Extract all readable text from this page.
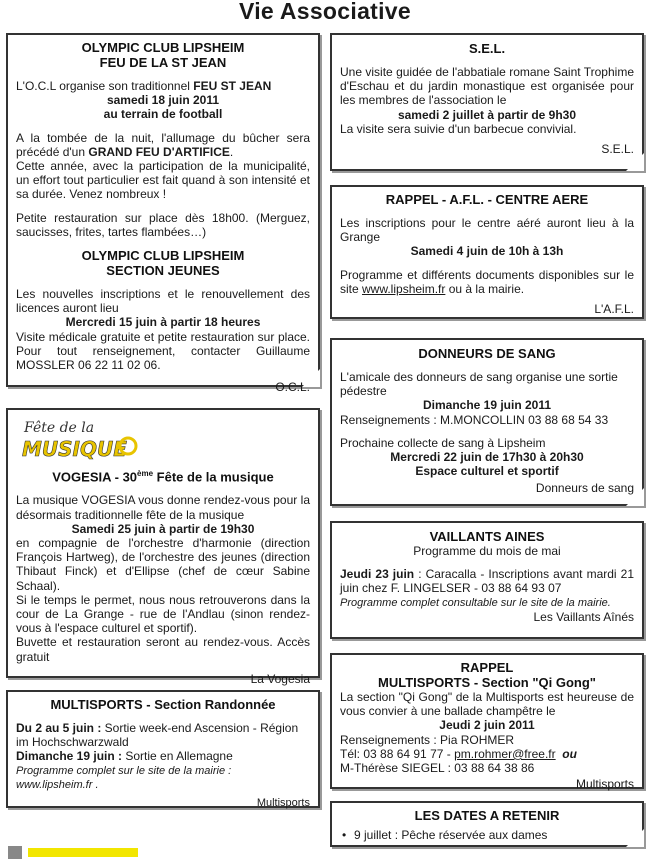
Vie Associative

OLYMPIC CLUB LIPSHEIM

FEU DE LA ST JEAN

L'O.C.L organise son traditionnel FEU ST JEAN

samedi 18 juin 2011

au terrain de football

A la tombée de la nuit, l'allumage du bûcher sera précédé d'un GRAND FEU D'ARTIFICE.

Cette année, avec la participation de la municipalité, un effort tout particulier est fait quand à son intensité et sa durée. Venez nombreux !

Petite restauration sur place dès 18h00. (Merguez, saucisses, frites, tartes flambées…)

OLYMPIC CLUB LIPSHEIM

SECTION JEUNES

Les nouvelles inscriptions et le renouvellement des licences auront lieu

Mercredi 15 juin à partir 18 heures

Visite médicale gratuite et petite restauration sur place. Pour tout renseignement, contacter Guillaume MOSSLER 06 22 11 02 06.

O.C.L.

Fête de la
MUSIQUE

VOGESIA - 30ème Fête de la musique

La musique VOGESIA vous donne rendez-vous pour la désormais traditionnelle fête de la musique

Samedi 25 juin à partir de 19h30

en compagnie de l'orchestre d'harmonie (direction François Hartweg), de l'orchestre des jeunes (direction Thibaut Finck) et d'Ellipse (chef de cœur Sabine Schaal).

Si le temps le permet, nous nous retrouverons dans la cour de La Grange - rue de l'Andlau (sinon rendez-vous à l'espace culturel et sportif).

Buvette et restauration seront au rendez-vous. Accès gratuit

La Vogesia

MULTISPORTS - Section Randonnée

Du 2 au 5 juin : Sortie week-end Ascension - Région im Hochschwarzwald

Dimanche 19 juin : Sortie en Allemagne

Programme complet sur le site de la mairie : www.lipsheim.fr .

Multisports

S.E.L.

Une visite guidée de l'abbatiale romane Saint Trophime d'Eschau et du jardin monastique est organisée pour les membres de l'association le

samedi 2 juillet à partir de 9h30

La visite sera suivie d'un barbecue convivial.

S.E.L.

RAPPEL - A.F.L. - CENTRE AERE

Les inscriptions pour le centre aéré auront lieu à la Grange

Samedi 4 juin de 10h à 13h

Programme et différents documents disponibles sur le site www.lipsheim.fr ou à la mairie.

L'A.F.L.

DONNEURS DE SANG

L'amicale des donneurs de sang organise une sortie pédestre

Dimanche 19 juin 2011

Renseignements : M.MONCOLLIN 03 88 68 54 33

Prochaine collecte de sang à Lipsheim

Mercredi 22 juin de 17h30 à 20h30

Espace culturel et sportif

Donneurs de sang

VAILLANTS AINES

Programme du mois de mai

Jeudi 23 juin : Caracalla - Inscriptions avant mardi 21 juin chez F. LINGELSER - 03 88 64 93 07

Programme complet consultable sur le site de la mairie.

Les Vaillants Aînés

RAPPEL

MULTISPORTS - Section "Qi Gong"

La section "Qi Gong" de la Multisports est heureuse de vous convier à une ballade champêtre le

Jeudi 2 juin 2011

Renseignements : Pia ROHMER

Tél: 03 88 64 91 77 - pm.rohmer@free.fr ou

M-Thérèse SIEGEL : 03 88 64 38 86

Multisports

LES DATES A RETENIR

• 9 juillet : Pêche réservée aux dames
